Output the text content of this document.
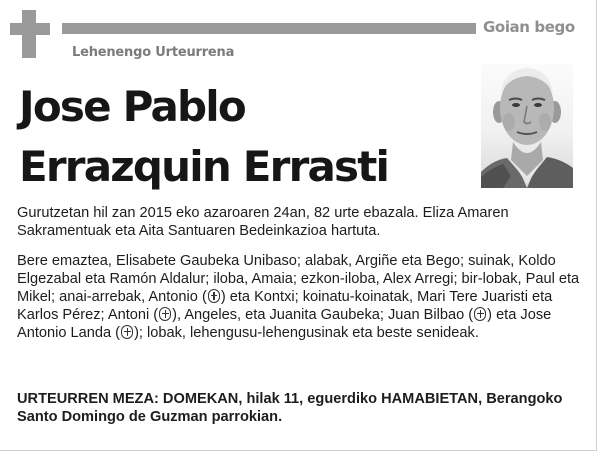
Goian bego
Lehenengo Urteurrena
Jose Pablo
Errazquin Errasti

Gurutzetan hil zan 2015 eko azaroaren 24an, 82 urte ebazala. Eliza Amaren Sakramentuak eta Aita Santuaren Bedeinkazioa hartuta.

Bere emaztea, Elisabete Gaubeka Unibaso; alabak, Argiñe eta Bego; suinak, Koldo Elgezabal eta Ramón Aldalur; iloba, Amaia; ezkon-iloba, Alex Arregi; bir-lobak, Paul eta Mikel; anai-arrebak, Antonio ( ) eta Kontxi; koinatu-koinatak, Mari Tere Juaristi eta Karlos Pérez; Antoni ( ), Angeles, eta Juanita Gaubeka; Juan Bilbao ( ) eta Jose Antonio Landa ( ); lobak, lehengusu-lehengusinak eta beste senideak.

URTEURREN MEZA: DOMEKAN, hilak 11, eguerdiko HAMABIETAN, Berangoko Santo Domingo de Guzman parrokian.
